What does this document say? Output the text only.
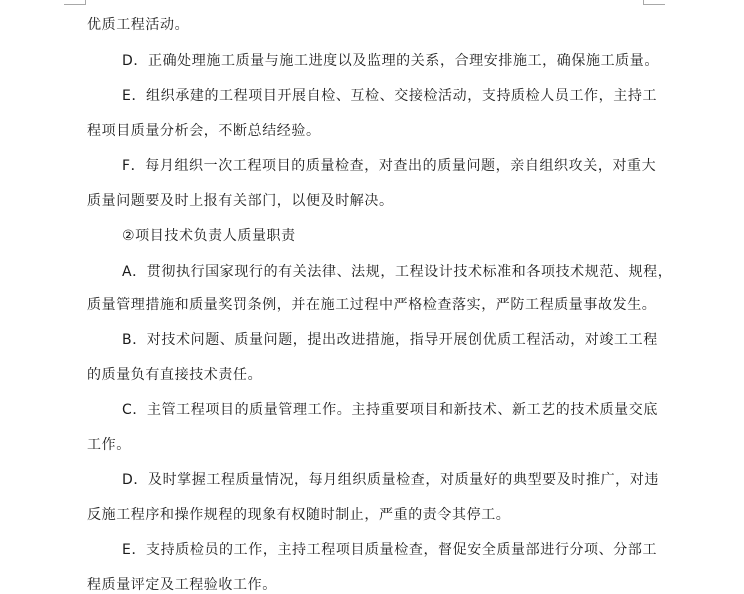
优质工程活动。
D．正确处理施工质量与施工进度以及监理的关系，合理安排施工，确保施工质量。
E．组织承建的工程项目开展自检、互检、交接检活动，支持质检人员工作，主持工
程项目质量分析会，不断总结经验。
F．每月组织一次工程项目的质量检查，对查出的质量问题，亲自组织攻关，对重大
质量问题要及时上报有关部门，以便及时解决。
②项目技术负责人质量职责
A．贯彻执行国家现行的有关法律、法规，工程设计技术标准和各项技术规范、规程，
质量管理措施和质量奖罚条例，并在施工过程中严格检查落实，严防工程质量事故发生。
B．对技术问题、质量问题，提出改进措施，指导开展创优质工程活动，对竣工工程
的质量负有直接技术责任。
C．主管工程项目的质量管理工作。主持重要项目和新技术、新工艺的技术质量交底
工作。
D．及时掌握工程质量情况，每月组织质量检查，对质量好的典型要及时推广，对违
反施工程序和操作规程的现象有权随时制止，严重的责令其停工。
E．支持质检员的工作，主持工程项目质量检查，督促安全质量部进行分项、分部工
程质量评定及工程验收工作。
